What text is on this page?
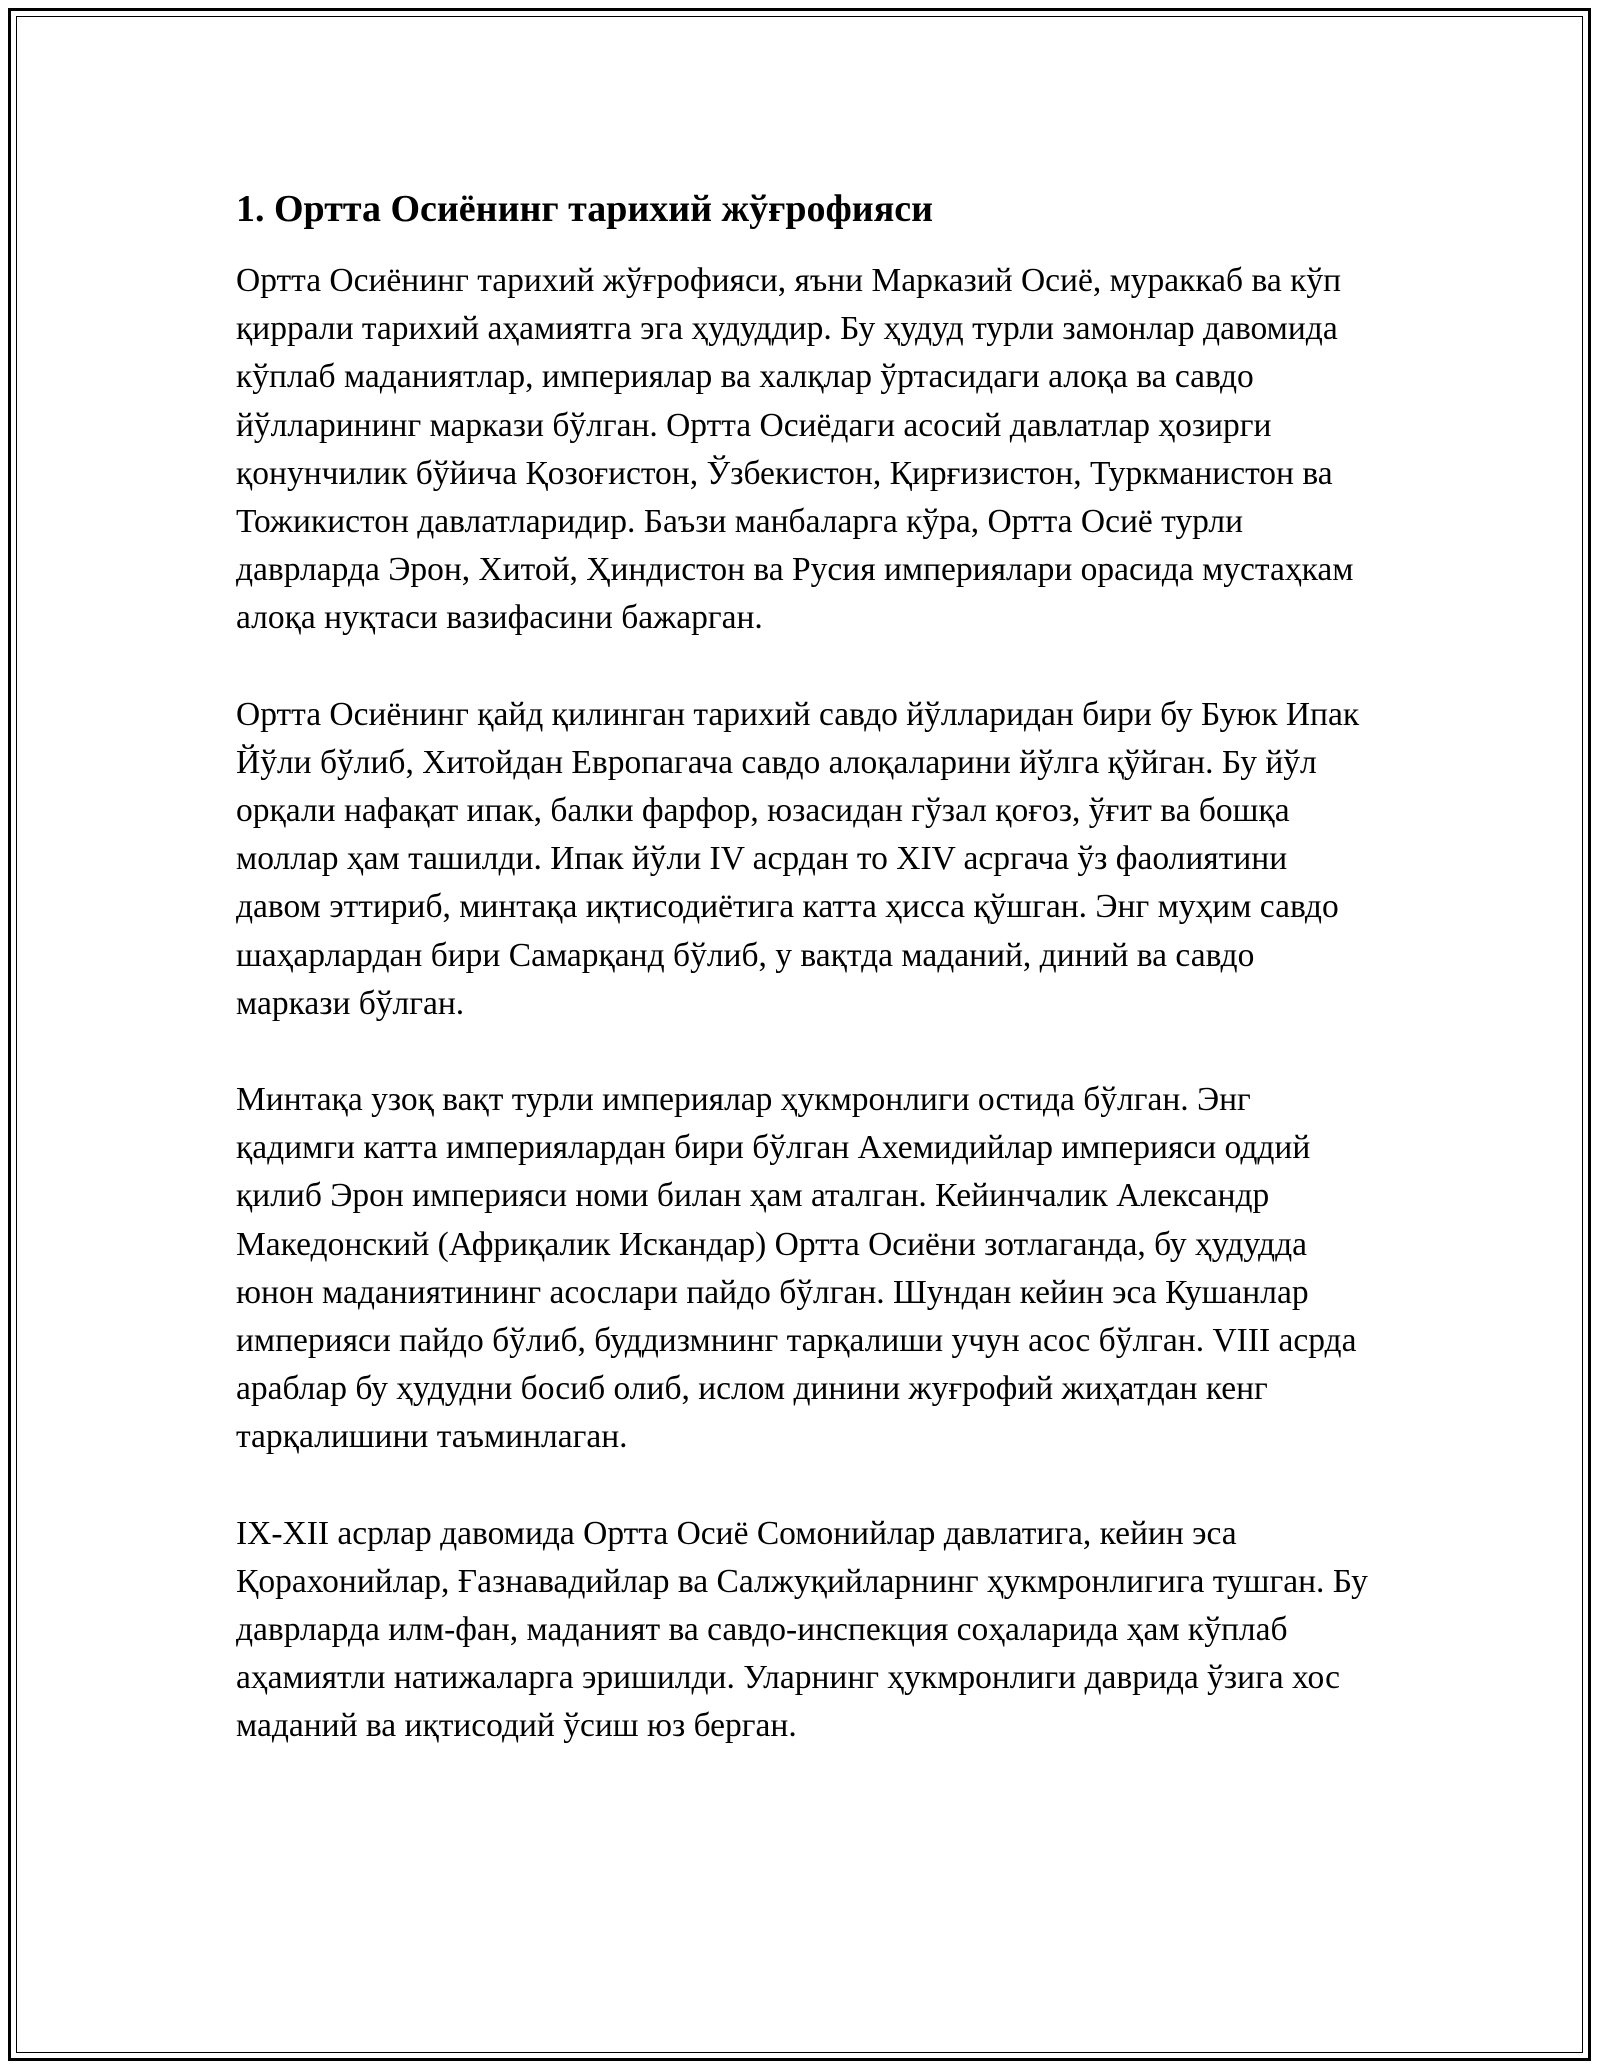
1. Ортта Осиёнинг тарихий жўғрофияси

Ортта Осиёнинг тарихий жўғрофияси, яъни Марказий Осиё, мураккаб ва кўп қиррали тарихий аҳамиятга эга ҳудуддир. Бу ҳудуд турли замонлар давомида кўплаб маданиятлар, империялар ва халқлар ўртасидаги алоқа ва савдо йўлларининг маркази бўлган. Ортта Осиёдаги асосий давлатлар ҳозирги қонунчилик бўйича Қозоғистон, Ўзбекистон, Қирғизистон, Туркманистон ва Тожикистон давлатларидир. Баъзи манбаларга кўра, Ортта Осиё турли даврларда Эрон, Хитой, Ҳиндистон ва Русия империялари орасида мустаҳкам алоқа нуқтаси вазифасини бажарган.

Ортта Осиёнинг қайд қилинган тарихий савдо йўлларидан бири бу Буюк Ипак Йўли бўлиб, Хитойдан Европагача савдо алоқаларини йўлга қўйган. Бу йўл орқали нафақат ипак, балки фарфор, юзасидан гўзал қоғоз, ўғит ва бошқа моллар ҳам ташилди. Ипак йўли IV асрдан то XIV асргача ўз фаолиятини давом эттириб, минтақа иқтисодиётига катта ҳисса қўшган. Энг муҳим савдо шаҳарлардан бири Самарқанд бўлиб, у вақтда маданий, диний ва савдо маркази бўлган.

Минтақа узоқ вақт турли империялар ҳукмронлиги остида бўлган. Энг қадимги катта империялардан бири бўлган Ахемидийлар империяси оддий қилиб Эрон империяси номи билан ҳам аталган. Кейинчалик Александр Македонский (Африқалик Искандар) Ортта Осиёни зотлаганда, бу ҳудудда юнон маданиятининг асослари пайдо бўлган. Шундан кейин эса Кушанлар империяси пайдо бўлиб, буддизмнинг тарқалиши учун асос бўлган. VIII асрда араблар бу ҳудудни босиб олиб, ислом динини жуғрофий жиҳатдан кенг тарқалишини таъминлаган.

IX-XII асрлар давомида Ортта Осиё Сомонийлар давлатига, кейин эса Қорахонийлар, Ғазнавадийлар ва Салжуқийларнинг ҳукмронлигига тушган. Бу даврларда илм-фан, маданият ва савдо-инспекция соҳаларида ҳам кўплаб аҳамиятли натижаларга эришилди. Уларнинг ҳукмронлиги даврида ўзига хос маданий ва иқтисодий ўсиш юз берган.
